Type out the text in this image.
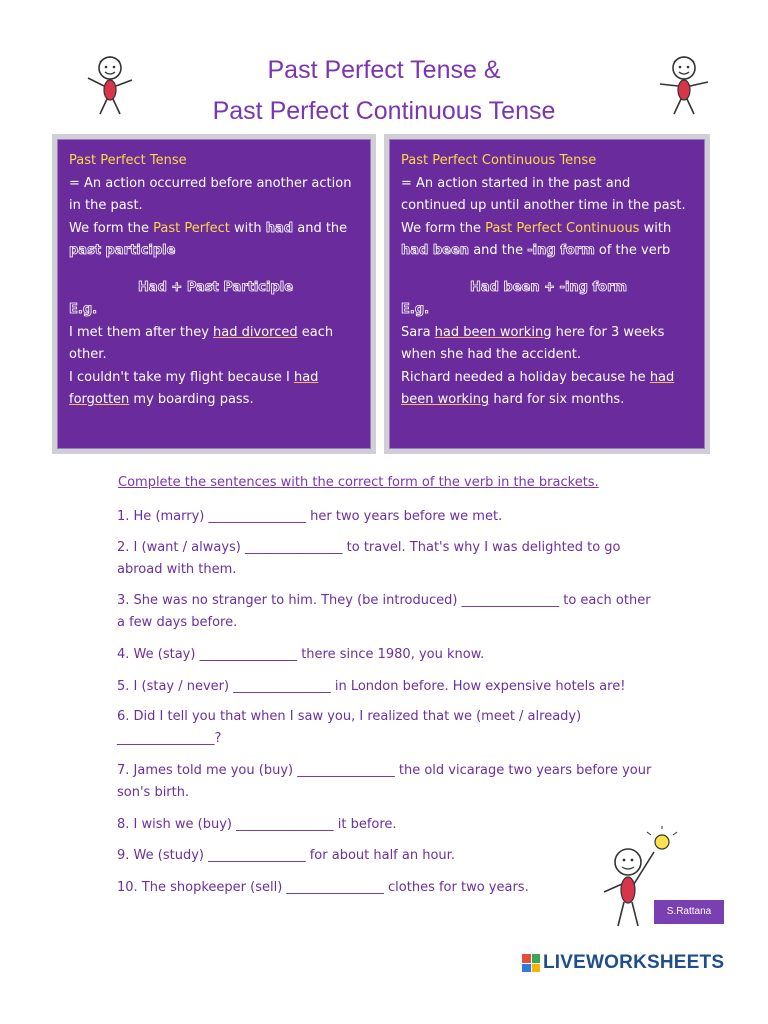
Past Perfect Tense &
Past Perfect Continuous Tense
Past Perfect Tense
= An action occurred before another action in the past.
We form the Past Perfect with had and the
past participle
Had + Past Participle
E.g.
I met them after they had divorced each other.
I couldn't take my flight because I had forgotten my boarding pass.
Past Perfect Continuous Tense
= An action started in the past and continued up until another time in the past.
We form the Past Perfect Continuous with
had been and the -ing form of the verb
Had been + -ing form
E.g.
Sara had been working here for 3 weeks when she had the accident.
Richard needed a holiday because he had been working hard for six months.
Complete the sentences with the correct form of the verb in the brackets.
1. He (marry) _______________ her two years before we met.
2. I (want / always) _______________ to travel. That's why I was delighted to go abroad with them.
3. She was no stranger to him. They (be introduced) _______________ to each other a few days before.
4. We (stay) _______________ there since 1980, you know.
5. I (stay / never) _______________ in London before. How expensive hotels are!
6. Did I tell you that when I saw you, I realized that we (meet / already) _______________?
7. James told me you (buy) _______________ the old vicarage two years before your son's birth.
8. I wish we (buy) _______________ it before.
9. We (study) _______________ for about half an hour.
10. The shopkeeper (sell) _______________ clothes for two years.
S.Rattana
LIVEWORKSHEETS
